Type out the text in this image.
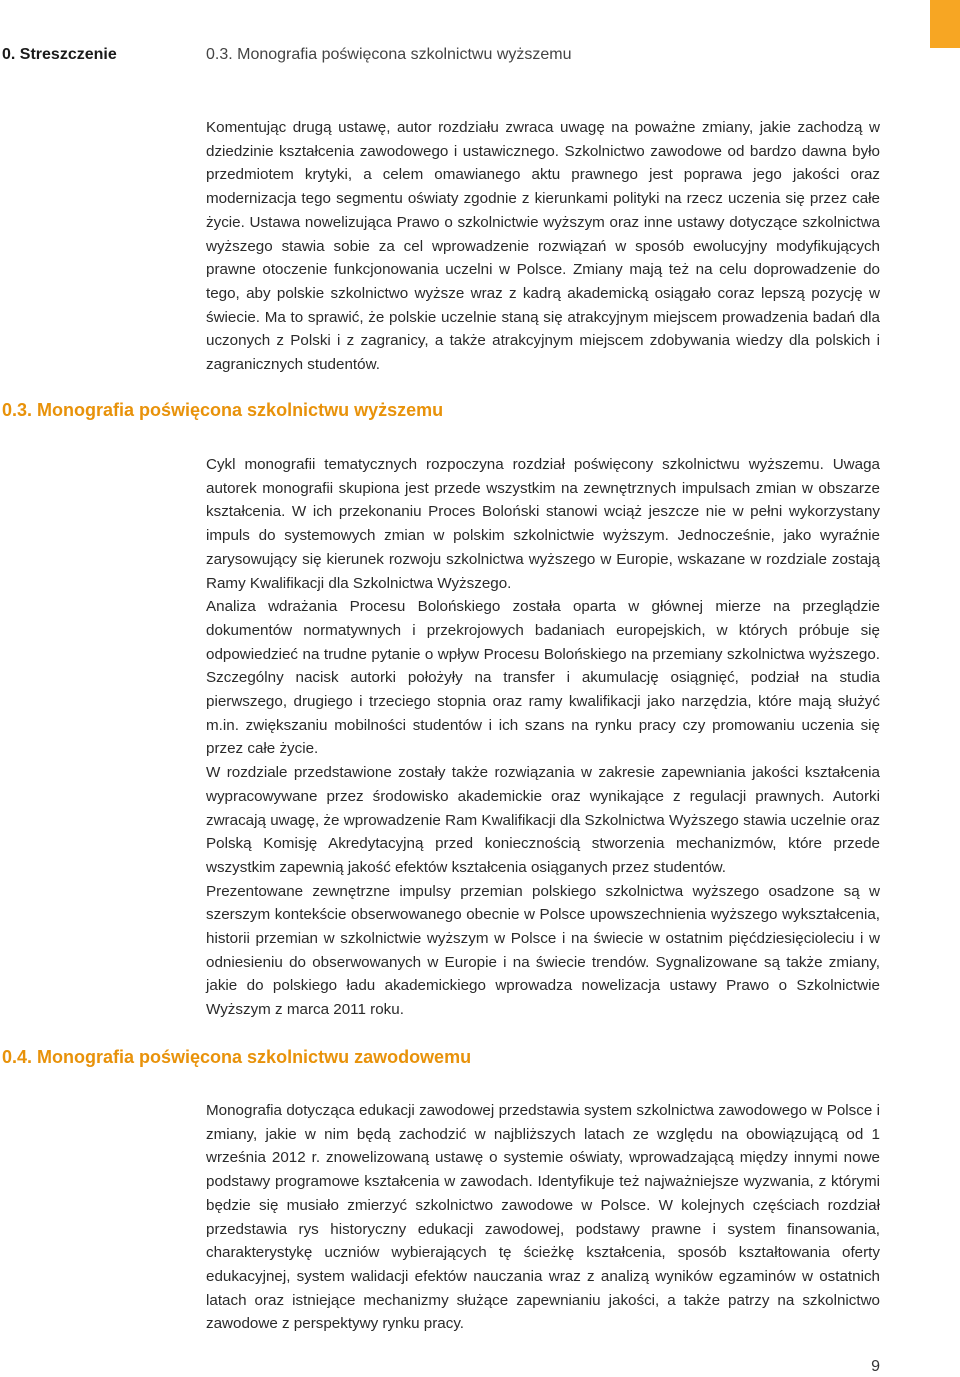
0. Streszczenie	0.3. Monografia poświęcona szkolnictwu wyższemu

Komentując drugą ustawę, autor rozdziału zwraca uwagę na poważne zmiany, jakie zachodzą w dziedzinie kształcenia zawodowego i ustawicznego. Szkolnictwo zawodowe od bardzo dawna było przedmiotem krytyki, a celem omawianego aktu prawnego jest poprawa jego jakości oraz modernizacja tego segmentu oświaty zgodnie z kierunkami polityki na rzecz uczenia się przez całe życie. Ustawa nowelizująca Prawo o szkolnictwie wyższym oraz inne ustawy dotyczące szkolnictwa wyższego stawia sobie za cel wprowadzenie rozwiązań w sposób ewolucyjny modyfikujących prawne otoczenie funkcjonowania uczelni w Polsce. Zmiany mają też na celu doprowadzenie do tego, aby polskie szkolnictwo wyższe wraz z kadrą akademicką osiągało coraz lepszą pozycję w świecie. Ma to sprawić, że polskie uczelnie staną się atrakcyjnym miejscem prowadzenia badań dla uczonych z Polski i z zagranicy, a także atrakcyjnym miejscem zdobywania wiedzy dla polskich i zagranicznych studentów.

0.3. Monografia poświęcona szkolnictwu wyższemu

Cykl monografii tematycznych rozpoczyna rozdział poświęcony szkolnictwu wyższemu. Uwaga autorek monografii skupiona jest przede wszystkim na zewnętrznych impulsach zmian w obszarze kształcenia. W ich przekonaniu Proces Boloński stanowi wciąż jeszcze nie w pełni wykorzystany impuls do systemowych zmian w polskim szkolnictwie wyższym. Jednocześnie, jako wyraźnie zarysowujący się kierunek rozwoju szkolnictwa wyższego w Europie, wskazane w rozdziale zostają Ramy Kwalifikacji dla Szkolnictwa Wyższego.

Analiza wdrażania Procesu Bolońskiego została oparta w głównej mierze na przeglądzie dokumentów normatywnych i przekrojowych badaniach europejskich, w których próbuje się odpowiedzieć na trudne pytanie o wpływ Procesu Bolońskiego na przemiany szkolnictwa wyższego. Szczególny nacisk autorki położyły na transfer i akumulację osiągnięć, podział na studia pierwszego, drugiego i trzeciego stopnia oraz ramy kwalifikacji jako narzędzia, które mają służyć m.in. zwiększaniu mobilności studentów i ich szans na rynku pracy czy promowaniu uczenia się przez całe życie.

W rozdziale przedstawione zostały także rozwiązania w zakresie zapewniania jakości kształcenia wypracowywane przez środowisko akademickie oraz wynikające z regulacji prawnych. Autorki zwracają uwagę, że wprowadzenie Ram Kwalifikacji dla Szkolnictwa Wyższego stawia uczelnie oraz Polską Komisję Akredytacyjną przed koniecznością stworzenia mechanizmów, które przede wszystkim zapewnią jakość efektów kształcenia osiąganych przez studentów.

Prezentowane zewnętrzne impulsy przemian polskiego szkolnictwa wyższego osadzone są w szerszym kontekście obserwowanego obecnie w Polsce upowszechnienia wyższego wykształcenia, historii przemian w szkolnictwie wyższym w Polsce i na świecie w ostatnim pięćdziesięcioleciu i w odniesieniu do obserwowanych w Europie i na świecie trendów. Sygnalizowane są także zmiany, jakie do polskiego ładu akademickiego wprowadza nowelizacja ustawy Prawo o Szkolnictwie Wyższym z marca 2011 roku.

0.4. Monografia poświęcona szkolnictwu zawodowemu

Monografia dotycząca edukacji zawodowej przedstawia system szkolnictwa zawodowego w Polsce i zmiany, jakie w nim będą zachodzić w najbliższych latach ze względu na obowiązującą od 1 września 2012 r. znowelizowaną ustawę o systemie oświaty, wprowadzającą między innymi nowe podstawy programowe kształcenia w zawodach. Identyfikuje też najważniejsze wyzwania, z którymi będzie się musiało zmierzyć szkolnictwo zawodowe w Polsce. W kolejnych częściach rozdział przedstawia rys historyczny edukacji zawodowej, podstawy prawne i system finansowania, charakterystykę uczniów wybierających tę ścieżkę kształcenia, sposób kształtowania oferty edukacyjnej, system walidacji efektów nauczania wraz z analizą wyników egzaminów w ostatnich latach oraz istniejące mechanizmy służące zapewnianiu jakości, a także patrzy na szkolnictwo zawodowe z perspektywy rynku pracy.

9
